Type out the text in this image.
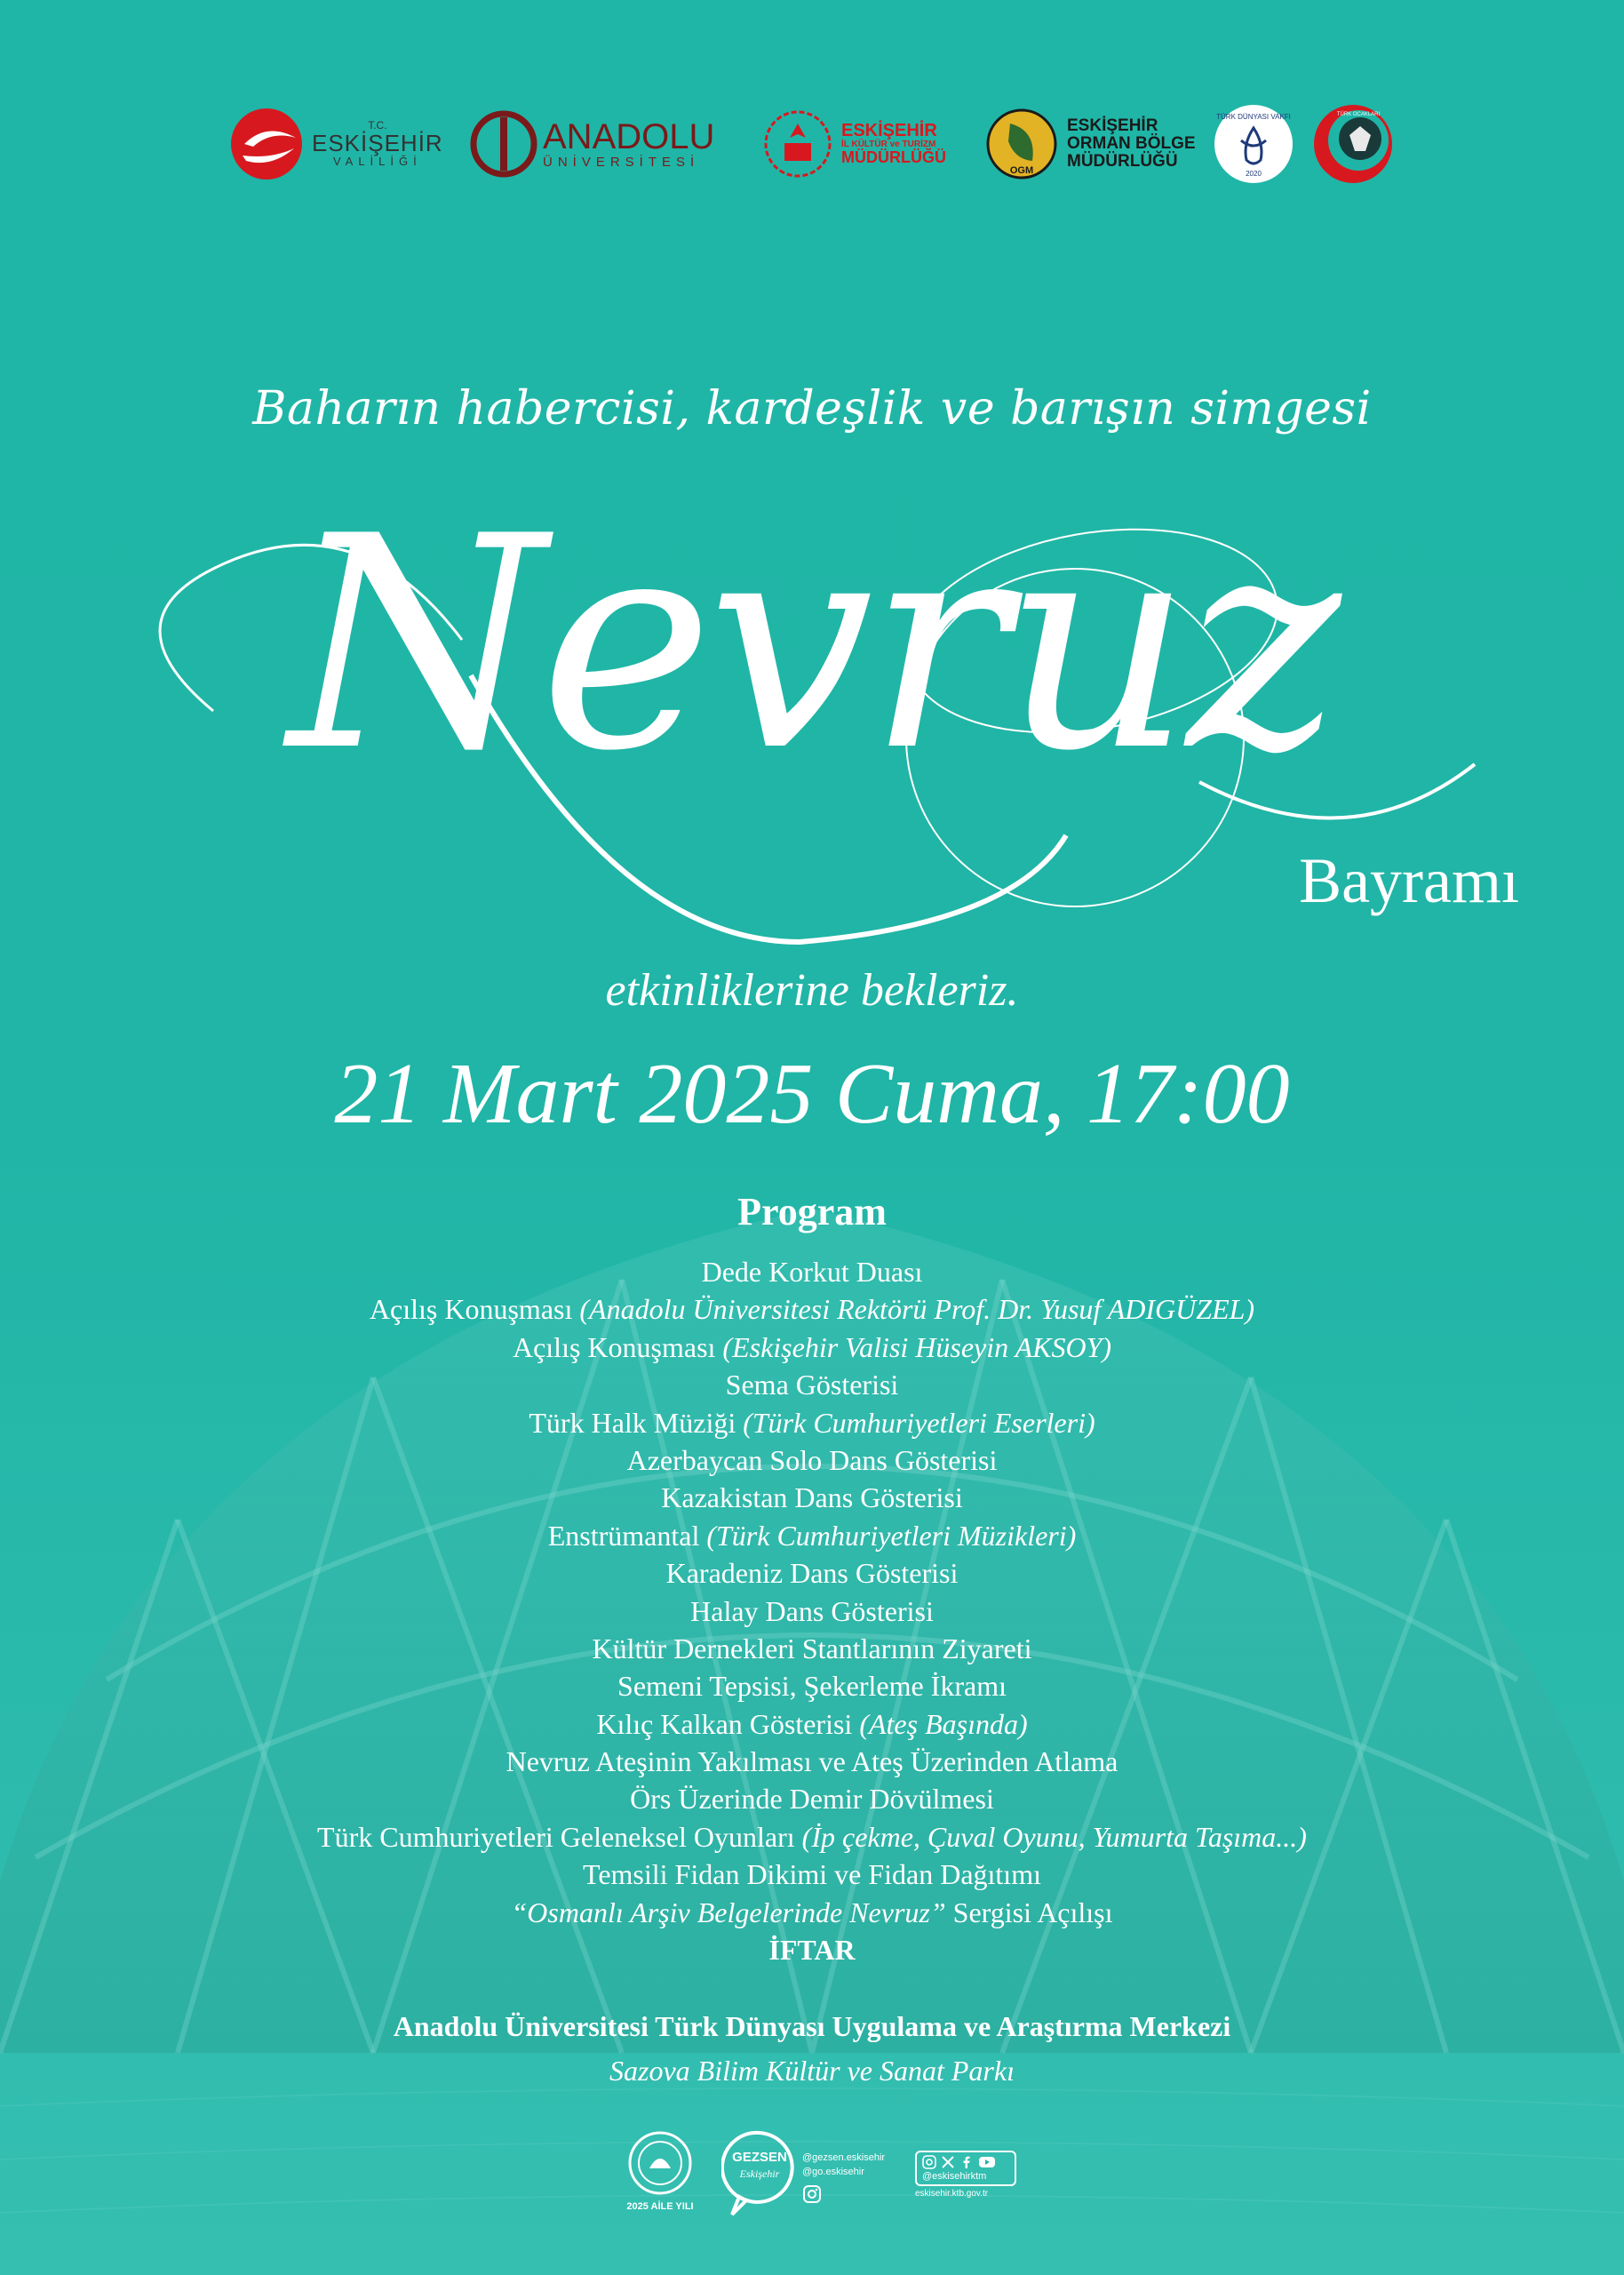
T.C.
ESKİŞEHİR
VALİLİĞİ
ANADOLU
ÜNİVERSİTESİ
ESKİŞEHİR
İL KÜLTÜR ve TURİZM
MÜDÜRLÜĞÜ
OGM
ESKİŞEHİR
ORMAN BÖLGE
MÜDÜRLÜĞÜ
TÜRK DÜNYASI VAKFI
2020
TÜRK OCAKLARI
Baharın habercisi, kardeşlik ve barışın simgesi
Nevruz
Bayramı
etkinliklerine bekleriz.
21 Mart 2025 Cuma, 17:00
Program
Dede Korkut Duası
Açılış Konuşması (Anadolu Üniversitesi Rektörü Prof. Dr. Yusuf ADIGÜZEL)
Açılış Konuşması (Eskişehir Valisi Hüseyin AKSOY)
Sema Gösterisi
Türk Halk Müziği (Türk Cumhuriyetleri Eserleri)
Azerbaycan Solo Dans Gösterisi
Kazakistan Dans Gösterisi
Enstrümantal (Türk Cumhuriyetleri Müzikleri)
Karadeniz Dans Gösterisi
Halay Dans Gösterisi
Kültür Dernekleri Stantlarının Ziyareti
Semeni Tepsisi, Şekerleme İkramı
Kılıç Kalkan Gösterisi (Ateş Başında)
Nevruz Ateşinin Yakılması ve Ateş Üzerinden Atlama
Örs Üzerinde Demir Dövülmesi
Türk Cumhuriyetleri Geleneksel Oyunları (İp çekme, Çuval Oyunu, Yumurta Taşıma...)
Temsili Fidan Dikimi ve Fidan Dağıtımı
“Osmanlı Arşiv Belgelerinde Nevruz” Sergisi Açılışı
İFTAR
Anadolu Üniversitesi Türk Dünyası Uygulama ve Araştırma Merkezi
Sazova Bilim Kültür ve Sanat Parkı
2025 AİLE YILI
GEZSEN
Eskişehir
@gezsen.eskisehir
@go.eskisehir	@eskisehirktm
eskisehir.ktb.gov.tr
